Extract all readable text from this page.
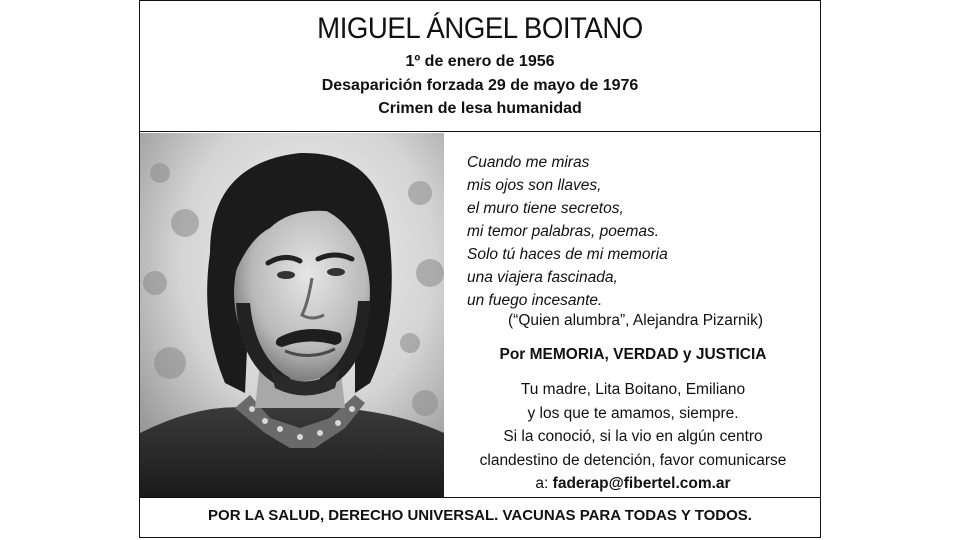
MIGUEL ÁNGEL BOITANO
1º de enero de 1956
Desaparición forzada 29 de mayo de 1976
Crimen de lesa humanidad
Cuando me miras
mis ojos son llaves,
el muro tiene secretos,
mi temor palabras, poemas.
Solo tú haces de mi memoria
una viajera fascinada,
un fuego incesante.
(“Quien alumbra”, Alejandra Pizarnik)
Por MEMORIA, VERDAD y JUSTICIA
Tu madre, Lita Boitano, Emiliano
y los que te amamos, siempre.
Si la conoció, si la vio en algún centro
clandestino de detención, favor comunicarse
a: faderap@fibertel.com.ar
POR LA SALUD, DERECHO UNIVERSAL. VACUNAS PARA TODAS Y TODOS.
